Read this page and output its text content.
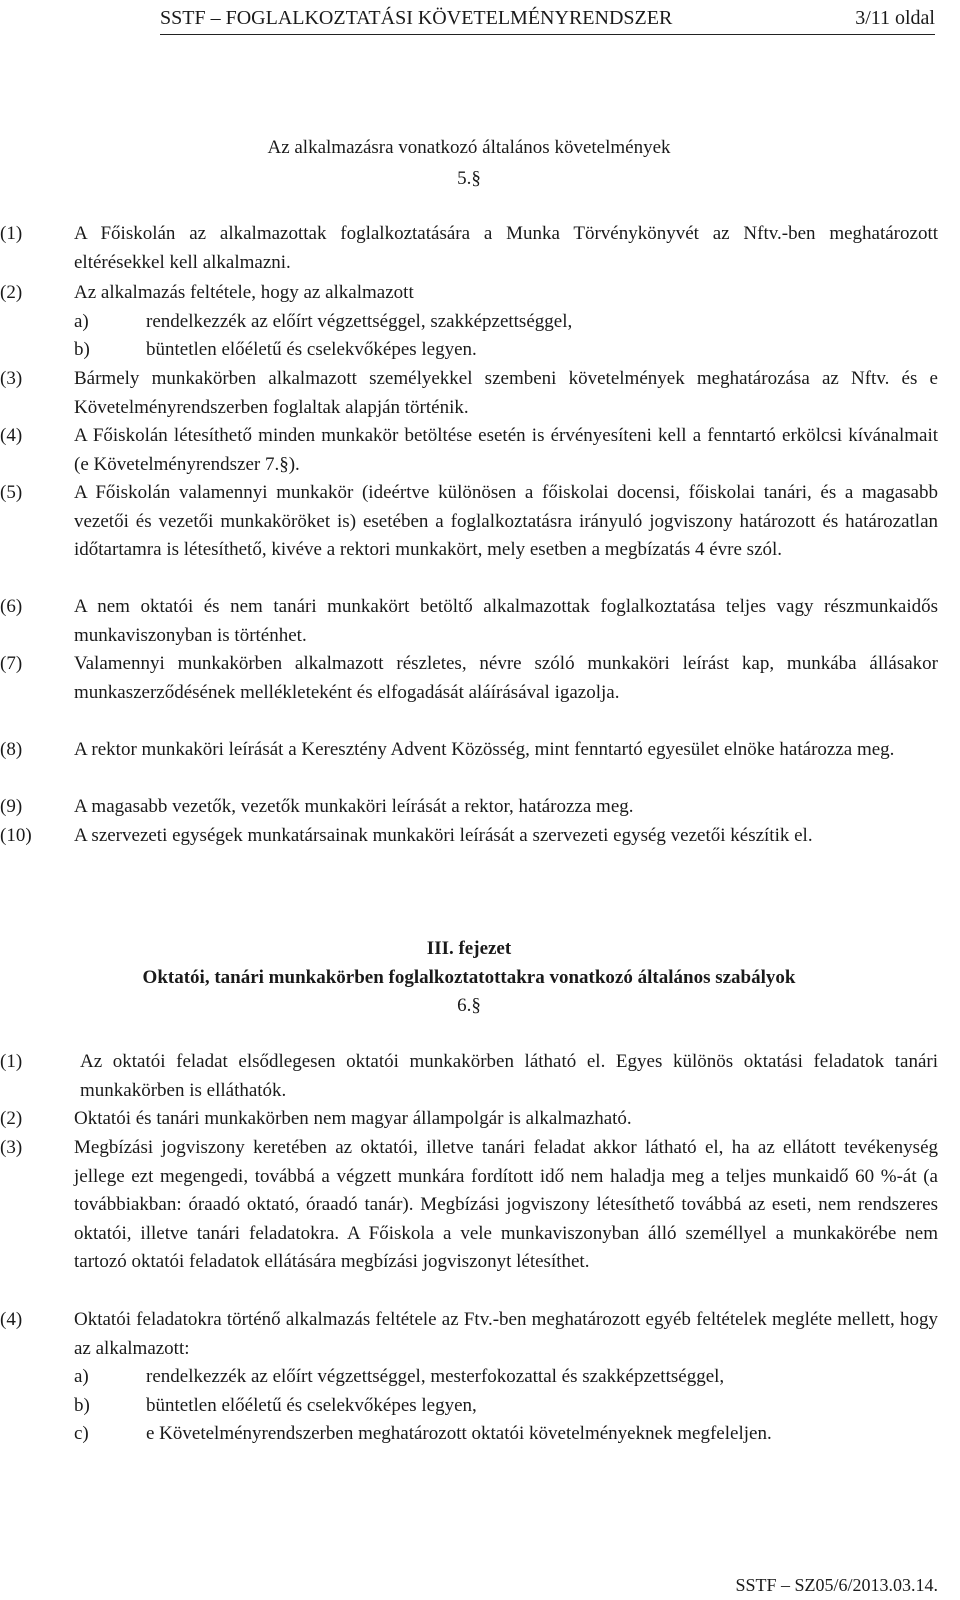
SSTF – FOGLALKOZTATÁSI KÖVETELMÉNYRENDSZER	3/11 oldal
Az alkalmazásra vonatkozó általános követelmények
5.§
(1)	A Főiskolán az alkalmazottak foglalkoztatására a Munka Törvénykönyvét az Nftv.-ben meghatározott eltérésekkel kell alkalmazni.
(2)	Az alkalmazás feltétele, hogy az alkalmazott
a)	rendelkezzék az előírt végzettséggel, szakképzettséggel,
b)	büntetlen előéletű és cselekvőképes legyen.
(3)	Bármely munkakörben alkalmazott személyekkel szembeni követelmények meghatározása az Nftv. és e Követelményrendszerben foglaltak alapján történik.
(4)	A Főiskolán létesíthető minden munkakör betöltése esetén is érvényesíteni kell a fenntartó erkölcsi kívánalmait (e Követelményrendszer 7.§).
(5)	A Főiskolán valamennyi munkakör (ideértve különösen a főiskolai docensi, főiskolai tanári, és a magasabb vezetői és vezetői munkaköröket is) esetében a foglalkoztatásra irányuló jogviszony határozott és határozatlan időtartamra is létesíthető, kivéve a rektori munkakört, mely esetben a megbízatás 4 évre szól.
(6)	A nem oktatói és nem tanári munkakört betöltő alkalmazottak foglalkoztatása teljes vagy részmunkaidős munkaviszonyban is történhet.
(7)	Valamennyi munkakörben alkalmazott részletes, névre szóló munkaköri leírást kap, munkába állásakor munkaszerződésének mellékleteként és elfogadását aláírásával igazolja.
(8)	A rektor munkaköri leírását a Keresztény Advent Közösség, mint fenntartó egyesület elnöke határozza meg.
(9)	A magasabb vezetők, vezetők munkaköri leírását a rektor, határozza meg.
(10) A szervezeti egységek munkatársainak munkaköri leírását a szervezeti egység vezetői készítik el.
III. fejezet
Oktatói, tanári munkakörben foglalkoztatottakra vonatkozó általános szabályok
6.§
(1)	Az oktatói feladat elsődlegesen oktatói munkakörben látható el. Egyes különös oktatási feladatok tanári munkakörben is elláthatók.
(2)	Oktatói és tanári munkakörben nem magyar állampolgár is alkalmazható.
(3)	Megbízási jogviszony keretében az oktatói, illetve tanári feladat akkor látható el, ha az ellátott tevékenység jellege ezt megengedi, továbbá a végzett munkára fordított idő nem haladja meg a teljes munkaidő 60 %-át (a továbbiakban: óraadó oktató, óraadó tanár). Megbízási jogviszony létesíthető továbbá az eseti, nem rendszeres oktatói, illetve tanári feladatokra. A Főiskola a vele munkaviszonyban álló személlyel a munkakörébe nem tartozó oktatói feladatok ellátására megbízási jogviszonyt létesíthet.
(4)	Oktatói feladatokra történő alkalmazás feltétele az Ftv.-ben meghatározott egyéb feltételek megléte mellett, hogy az alkalmazott:
a)	rendelkezzék az előírt végzettséggel, mesterfokozattal és szakképzettséggel,
b)	büntetlen előéletű és cselekvőképes legyen,
c)	e Követelményrendszerben meghatározott oktatói követelményeknek megfeleljen.
SSTF – SZ05/6/2013.03.14.
